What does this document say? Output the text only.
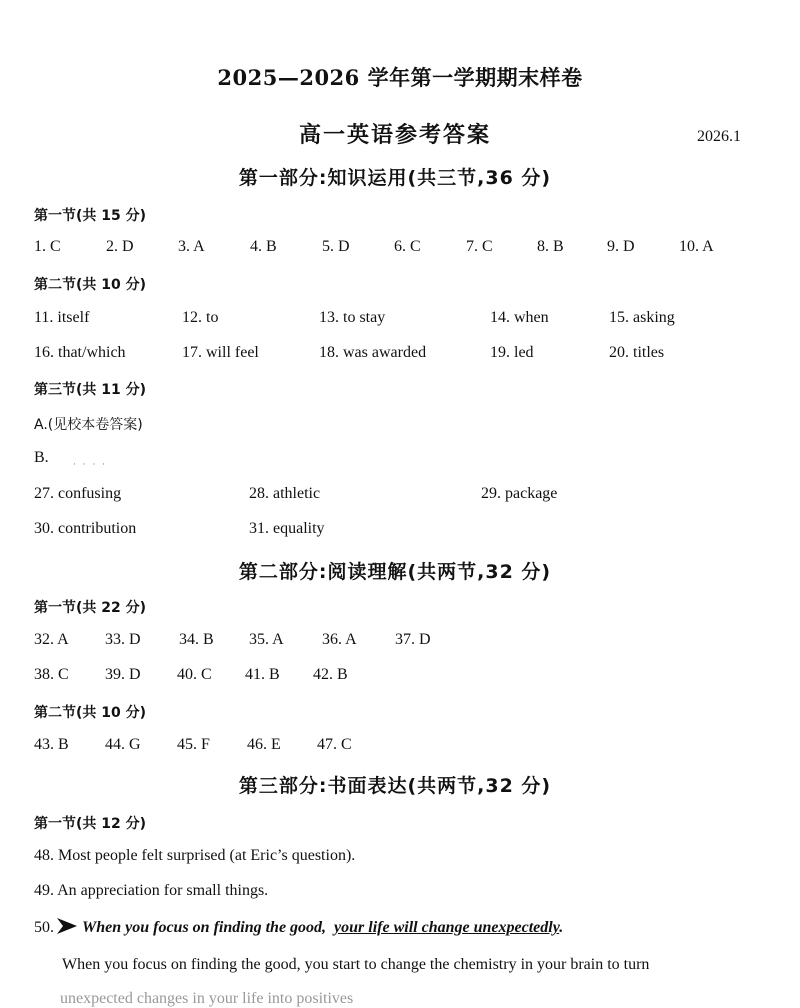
2025—2026 学年第一学期期末样卷
高一英语参考答案	2026.1
第一部分:知识运用(共三节,36 分)
第一节(共 15 分)
1. C	2. D	3. A	4. B	5. D	6. C	7. C	8. B	9. D	10. A
第二节(共 10 分)
11. itself	12. to	13. to stay	14. when	15. asking
16. that/which	17. will feel	18. was awarded	19. led	20. titles
第三节(共 11 分)
A.(见校本卷答案)
B.	· · · ·
27. confusing	28. athletic	29. package
30. contribution	31. equality
第二部分:阅读理解(共两节,32 分)
第一节(共 22 分)
32. A 33. D 34. B 35. A 36. A 37. D
38. C 39. D 40. C 41. B 42. B
第二节(共 10 分)
43. B 44. G 45. F 46. E 47. C
第三部分:书面表达(共两节,32 分)
第一节(共 12 分)
48. Most people felt surprised (at Eric’s question).
49. An appreciation for small things.
50. When you focus on finding the good, your life will change unexpectedly.
When you focus on finding the good, you start to change the chemistry in your brain to turn
unexpected changes in your life into positives
